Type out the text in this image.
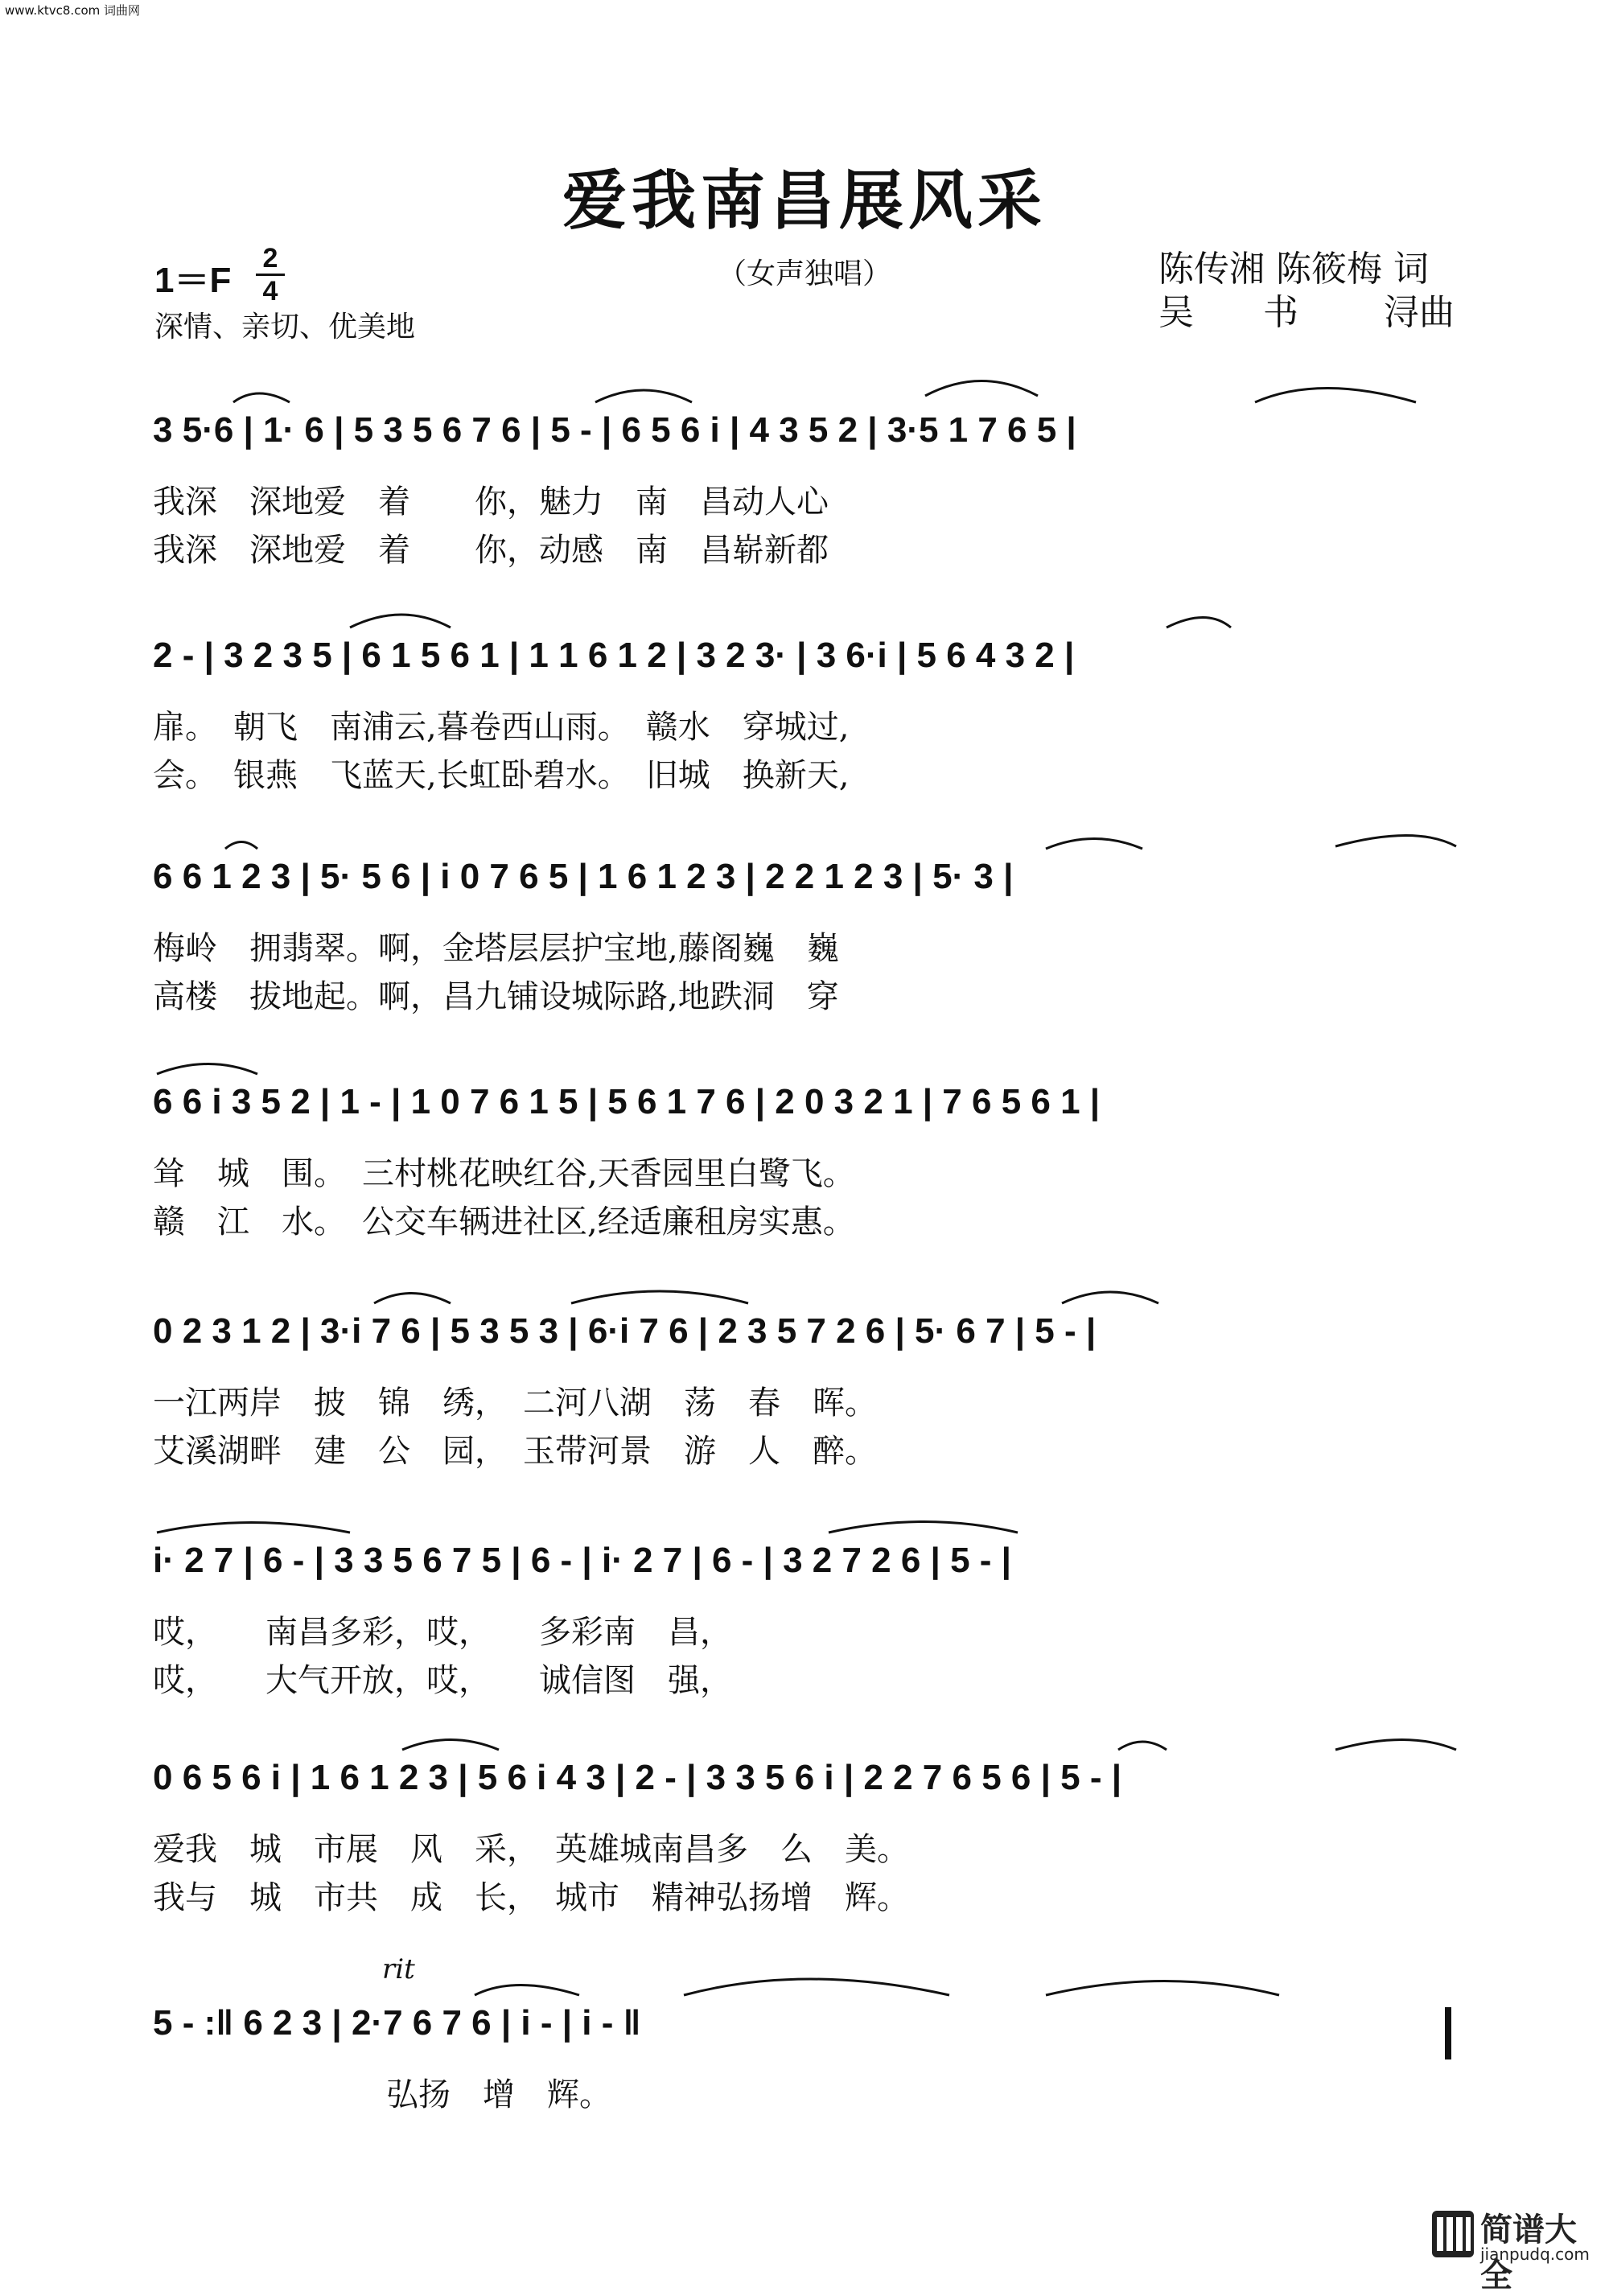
www.ktvc8.com 词曲网
爱我南昌展风采
（女声独唱）
1＝F
2
4
深情、亲切、优美地
陈传湘 陈筱梅 词
吴 书 浔曲
3 5·6 | 1· 6 | 5 3 5 6 7 6 | 5 - | 6 5 6 i | 4 3 5 2 | 3·5 1 7 6 5 |
我深　深地爱　着　　你，魅力　南　昌动人心
我深　深地爱　着　　你，动感　南　昌崭新都
2 - | 3 2 3 5 | 6 1 5 6 1 | 1 1 6 1 2 | 3 2 3· | 3 6·i | 5 6 4 3 2 |
扉。　朝飞　南浦云,暮卷西山雨。　赣水　穿城过,
会。　银燕　飞蓝天,长虹卧碧水。　旧城　换新天,
6 6 1 2 3 | 5· 5 6 | i 0 7 6 5 | 1 6 1 2 3 | 2 2 1 2 3 | 5· 3 |
梅岭　拥翡翠。啊，金塔层层护宝地,藤阁巍　巍
高楼　拔地起。啊，昌九铺设城际路,地跌洞　穿
6 6 i 3 5 2 | 1 - | 1 0 7 6 1 5 | 5 6 1 7 6 | 2 0 3 2 1 | 7 6 5 6 1 |
耸　城　围。　三村桃花映红谷,天香园里白鹭飞。
赣　江　水。　公交车辆进社区,经适廉租房实惠。
0 2 3 1 2 | 3·i 7 6 | 5 3 5 3 | 6·i 7 6 | 2 3 5 7 2 6 | 5· 6 7 | 5 - |
一江两岸　披　锦　绣，　二河八湖　荡　春　晖。
艾溪湖畔　建　公　园，　玉带河景　游　人　醉。
i· 2 7 | 6 - | 3 3 5 6 7 5 | 6 - | i· 2 7 | 6 - | 3 2 7 2 6 | 5 - |
哎，　　南昌多彩，哎，　　多彩南　昌，
哎，　　大气开放，哎，　　诚信图　强，
0 6 5 6 i | 1 6 1 2 3 | 5 6 i 4 3 | 2 - | 3 3 5 6 i | 2 2 7 6 5 6 | 5 - |
爱我　城　市展　风　采，　英雄城南昌多　么　美。
我与　城　市共　成　长，　城市　精神弘扬增　辉。
rit
5 - :‖ 6 2 3 | 2·7 6 7 6 | i - | i - ‖
弘扬　增　辉。
简谱大全
jianpudq.com
